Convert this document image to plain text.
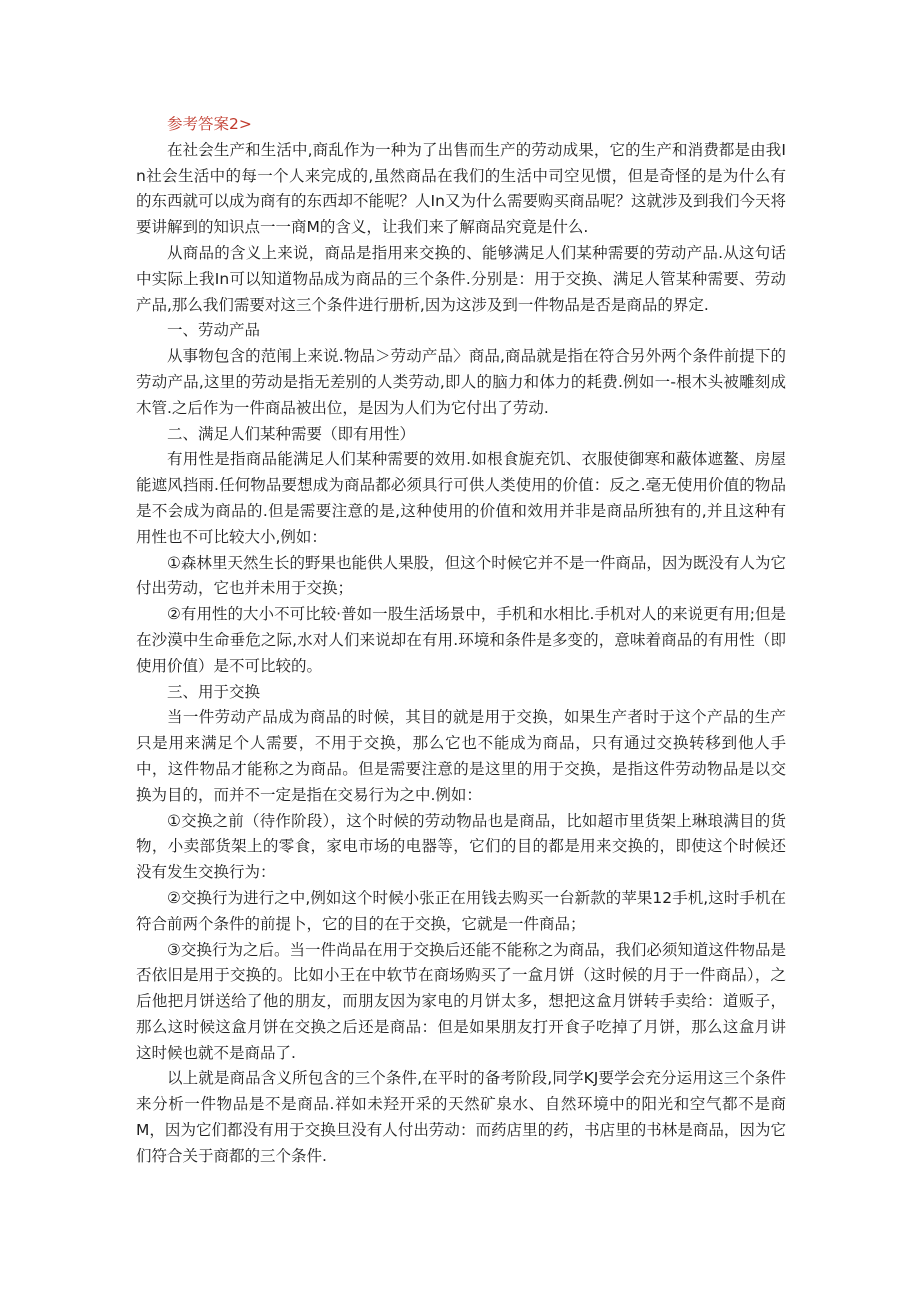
参考答案2>

在社会生产和生活中,商乱作为一种为了出售而生产的劳动成果，它的生产和消费都是由我In社会生活中的每一个人来完成的,虽然商品在我们的生活中司空见惯，但是奇怪的是为什么有的东西就可以成为商有的东西却不能呢？人In又为什么需要购买商品呢？这就涉及到我们今天将要讲解到的知识点一一商M的含义，让我们来了解商品究竟是什么.

从商品的含义上来说，商品是指用来交换的、能够满足人们某种需要的劳动产品.从这句话中实际上我In可以知道物品成为商品的三个条件.分别是：用于交换、满足人管某种需要、劳动产品,那么我们需要对这三个条件进行册析,因为这涉及到一件物品是否是商品的界定.

一、劳动产品

从事物包含的范闱上来说.物品＞劳动产品〉商品,商品就是指在符合另外两个条件前提下的劳动产品,这里的劳动是指无差别的人类劳动,即人的脑力和体力的耗费.例如一-根木头被雕刻成木管.之后作为一件商品被出位，是因为人们为它付出了劳动.

二、满足人们某种需要（即有用性）

有用性是指商品能满足人们某种需要的效用.如根食旎充饥、衣服使御寒和蔽体遮鳌、房屋能遮风挡雨.任何物品要想成为商品都必须具行可供人类使用的价值：反之.毫无使用价值的物品是不会成为商品的.但是需要注意的是,这种使用的价值和效用并非是商品所独有的,并且这种有用性也不可比较大小,例如：

①森林里天然生长的野果也能供人果股，但这个时候它并不是一件商品，因为既没有人为它付出劳动，它也并未用于交换；

②有用性的大小不可比较·普如一股生活场景中，手机和水相比.手机对人的来说更有用;但是在沙漠中生命垂危之际,水对人们来说却在有用.环境和条件是多变的，意味着商品的有用性（即使用价值）是不可比较的。

三、用于交换

当一件劳动产品成为商品的时候，其目的就是用于交换，如果生产者时于这个产品的生产只是用来满足个人需要，不用于交换，那么它也不能成为商品，只有通过交换转移到他人手中，这件物品才能称之为商品。但是需要注意的是这里的用于交换，是指这件劳动物品是以交换为目的，而并不一定是指在交易行为之中.例如：

①交换之前（待作阶段），这个时候的劳动物品也是商品，比如超市里货架上琳琅满目的货物，小卖部货架上的零食，家电市场的电器等，它们的目的都是用来交换的，即使这个时候还没有发生交换行为：

②交换行为进行之中,例如这个时候小张正在用钱去购买一台新款的苹果12手机,这时手机在符合前两个条件的前提卜，它的目的在于交换，它就是一件商品；

③交换行为之后。当一件尚品在用于交换后还能不能称之为商品，我们必须知道这件物品是否依旧是用于交换的。比如小王在中软节在商场购买了一盒月饼（这时候的月于一件商品），之后他把月饼送给了他的朋友，而朋友因为家电的月饼太多，想把这盒月饼转手卖给：道贩子，那么这时候这盒月饼在交换之后还是商品：但是如果朋友打开食子吃掉了月饼，那么这盒月讲这时候也就不是商品了.

以上就是商品含义所包含的三个条件,在平时的备考阶段,同学KJ要学会充分运用这三个条件来分析一件物品是不是商品.祥如未羟开采的天然矿泉水、自然环境中的阳光和空气都不是商M，因为它们都没有用于交换旦没有人付出劳动：而药店里的药，书店里的书林是商品，因为它们符合关于商都的三个条件.
